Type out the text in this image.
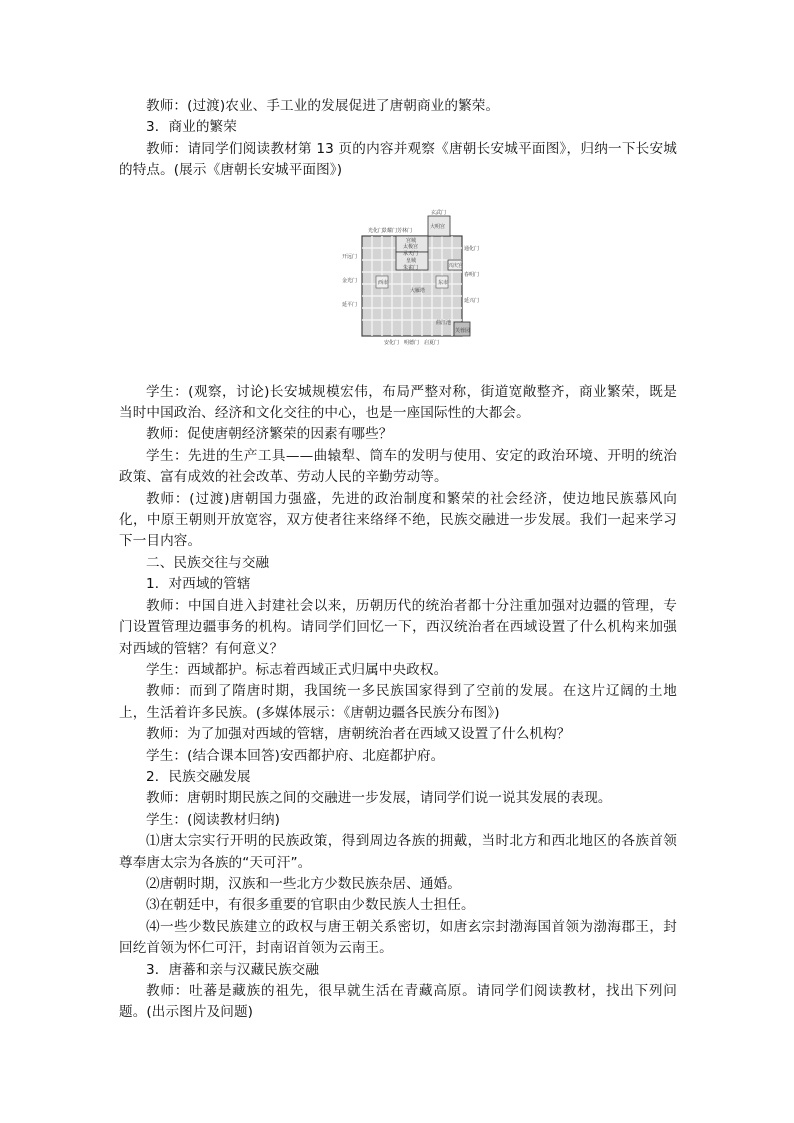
教师：(过渡)农业、手工业的发展促进了唐朝商业的繁荣。

3．商业的繁荣

教师：请同学们阅读教材第 13 页的内容并观察《唐朝长安城平面图》，归纳一下长安城的特点。(展示《唐朝长安城平面图》)

玄武门
大明宫
宫城
太极宫
承天门
皇城
朱雀门	兴庆宫
西市	东市
大雁塔
曲江池
芙蓉园
安化门 明德门 启夏门
开远门
金光门
延平门
通化门
春明门
延兴门
光化门
景耀门 芳林门

学生：(观察，讨论)长安城规模宏伟，布局严整对称，街道宽敞整齐，商业繁荣，既是当时中国政治、经济和文化交往的中心，也是一座国际性的大都会。

教师：促使唐朝经济繁荣的因素有哪些？

学生：先进的生产工具——曲辕犁、筒车的发明与使用、安定的政治环境、开明的统治政策、富有成效的社会改革、劳动人民的辛勤劳动等。

教师：(过渡)唐朝国力强盛，先进的政治制度和繁荣的社会经济，使边地民族慕风向化，中原王朝则开放宽容，双方使者往来络绎不绝，民族交融进一步发展。我们一起来学习下一目内容。

二、民族交往与交融

1．对西域的管辖

教师：中国自进入封建社会以来，历朝历代的统治者都十分注重加强对边疆的管理，专门设置管理边疆事务的机构。请同学们回忆一下，西汉统治者在西域设置了什么机构来加强对西域的管辖？有何意义？

学生：西域都护。标志着西域正式归属中央政权。

教师：而到了隋唐时期，我国统一多民族国家得到了空前的发展。在这片辽阔的土地上，生活着许多民族。(多媒体展示：《唐朝边疆各民族分布图》)

教师：为了加强对西域的管辖，唐朝统治者在西域又设置了什么机构？

学生：(结合课本回答)安西都护府、北庭都护府。

2．民族交融发展

教师：唐朝时期民族之间的交融进一步发展，请同学们说一说其发展的表现。

学生：(阅读教材归纳)

⑴唐太宗实行开明的民族政策，得到周边各族的拥戴，当时北方和西北地区的各族首领尊奉唐太宗为各族的“天可汗”。

⑵唐朝时期，汉族和一些北方少数民族杂居、通婚。

⑶在朝廷中，有很多重要的官职由少数民族人士担任。

⑷一些少数民族建立的政权与唐王朝关系密切，如唐玄宗封渤海国首领为渤海郡王，封回纥首领为怀仁可汗，封南诏首领为云南王。

3．唐蕃和亲与汉藏民族交融

教师：吐蕃是藏族的祖先，很早就生活在青藏高原。请同学们阅读教材，找出下列问题。(出示图片及问题)
